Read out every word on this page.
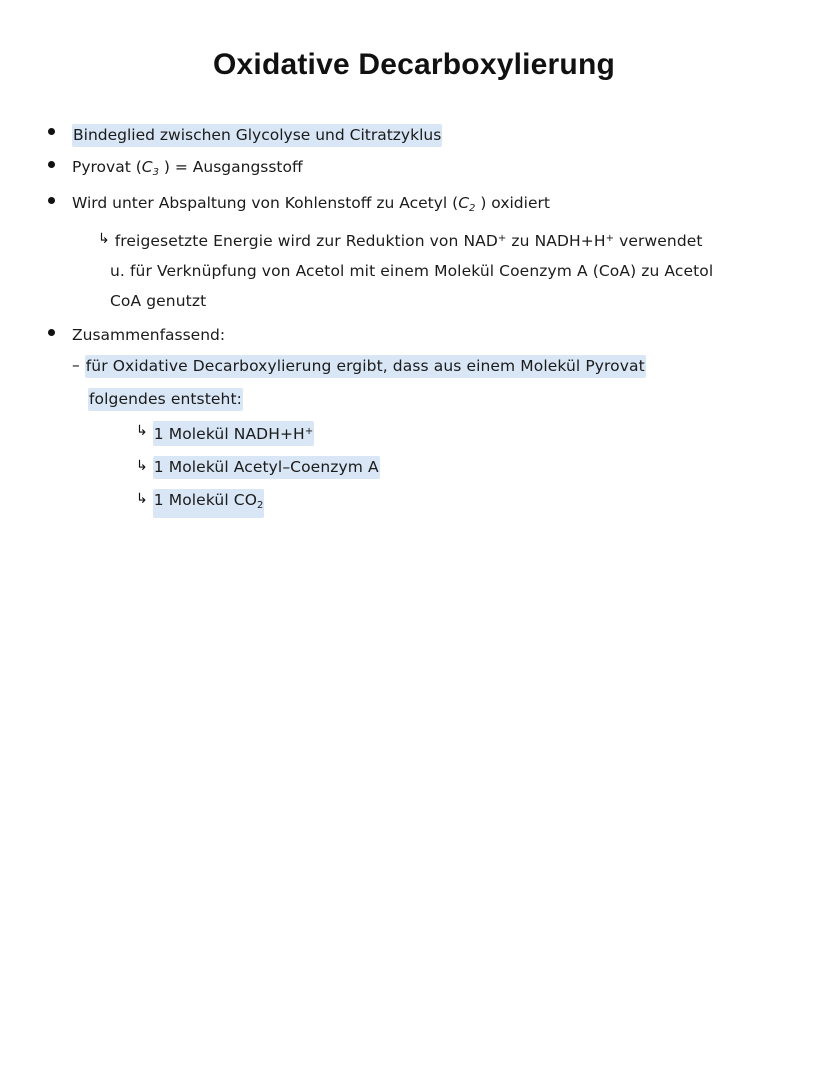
Oxidative Decarboxylierung
Bindeglied zwischen Glycolyse und Citratzyklus
Pyrovat ($C_3$ ) = Ausgangsstoff
Wird unter Abspaltung von Kohlenstoff zu Acetyl ($C_2$ ) oxidiert
↳ freigesetzte Energie wird zur Reduktion von NAD+ zu NADH+H+ verwendet
u. für Verknüpfung von Acetol mit einem Molekül Coenzym A (CoA) zu Acetol
CoA genutzt
Zusammenfassend:
– für Oxidative Decarboxylierung ergibt, dass aus einem Molekül Pyrovat
folgendes entsteht:
↳ 1 Molekül NADH+H+
↳ 1 Molekül Acetyl–Coenzym A
↳ 1 Molekül $CO_2$
